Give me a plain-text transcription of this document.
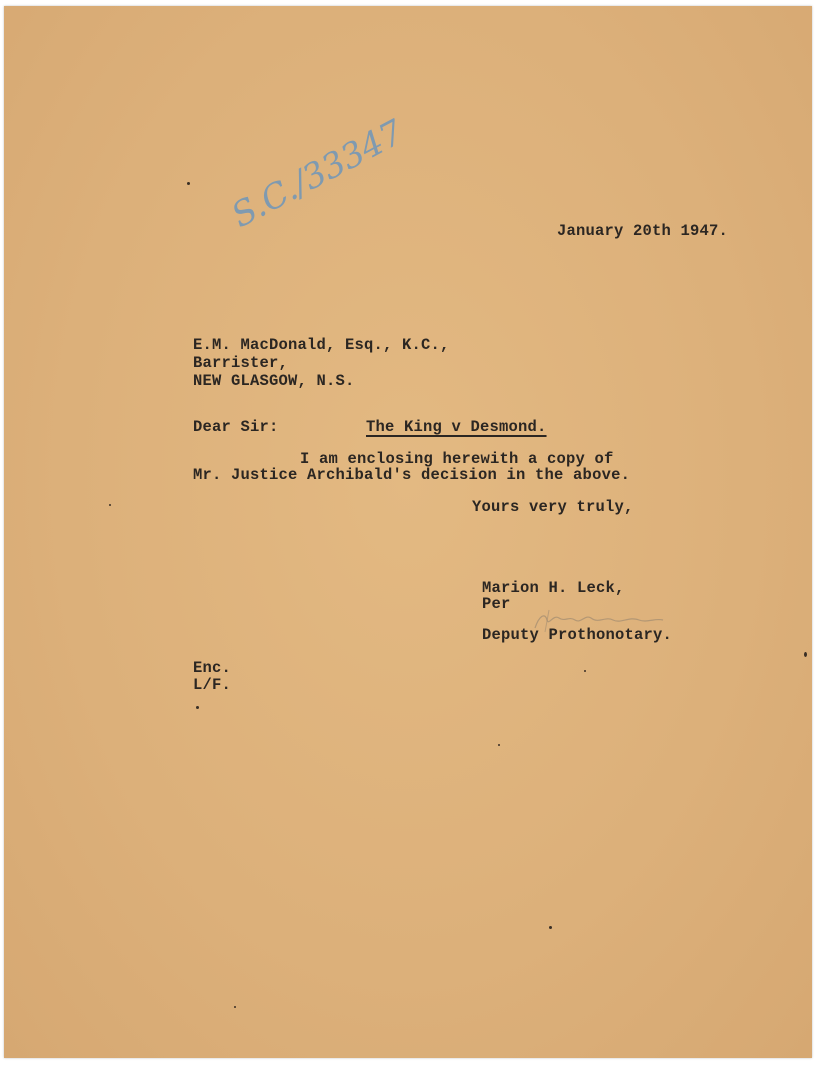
S.C./33347	January 20th 1947.
E.M. MacDonald, Esq., K.C.,
Barrister,
NEW GLASGOW, N.S.
Dear Sir:	The King v Desmond.
I am enclosing herewith a copy of
Mr. Justice Archibald's decision in the above.
Yours very truly,
Marion H. Leck,
Per
Deputy Prothonotary.
Enc.
L/F.
